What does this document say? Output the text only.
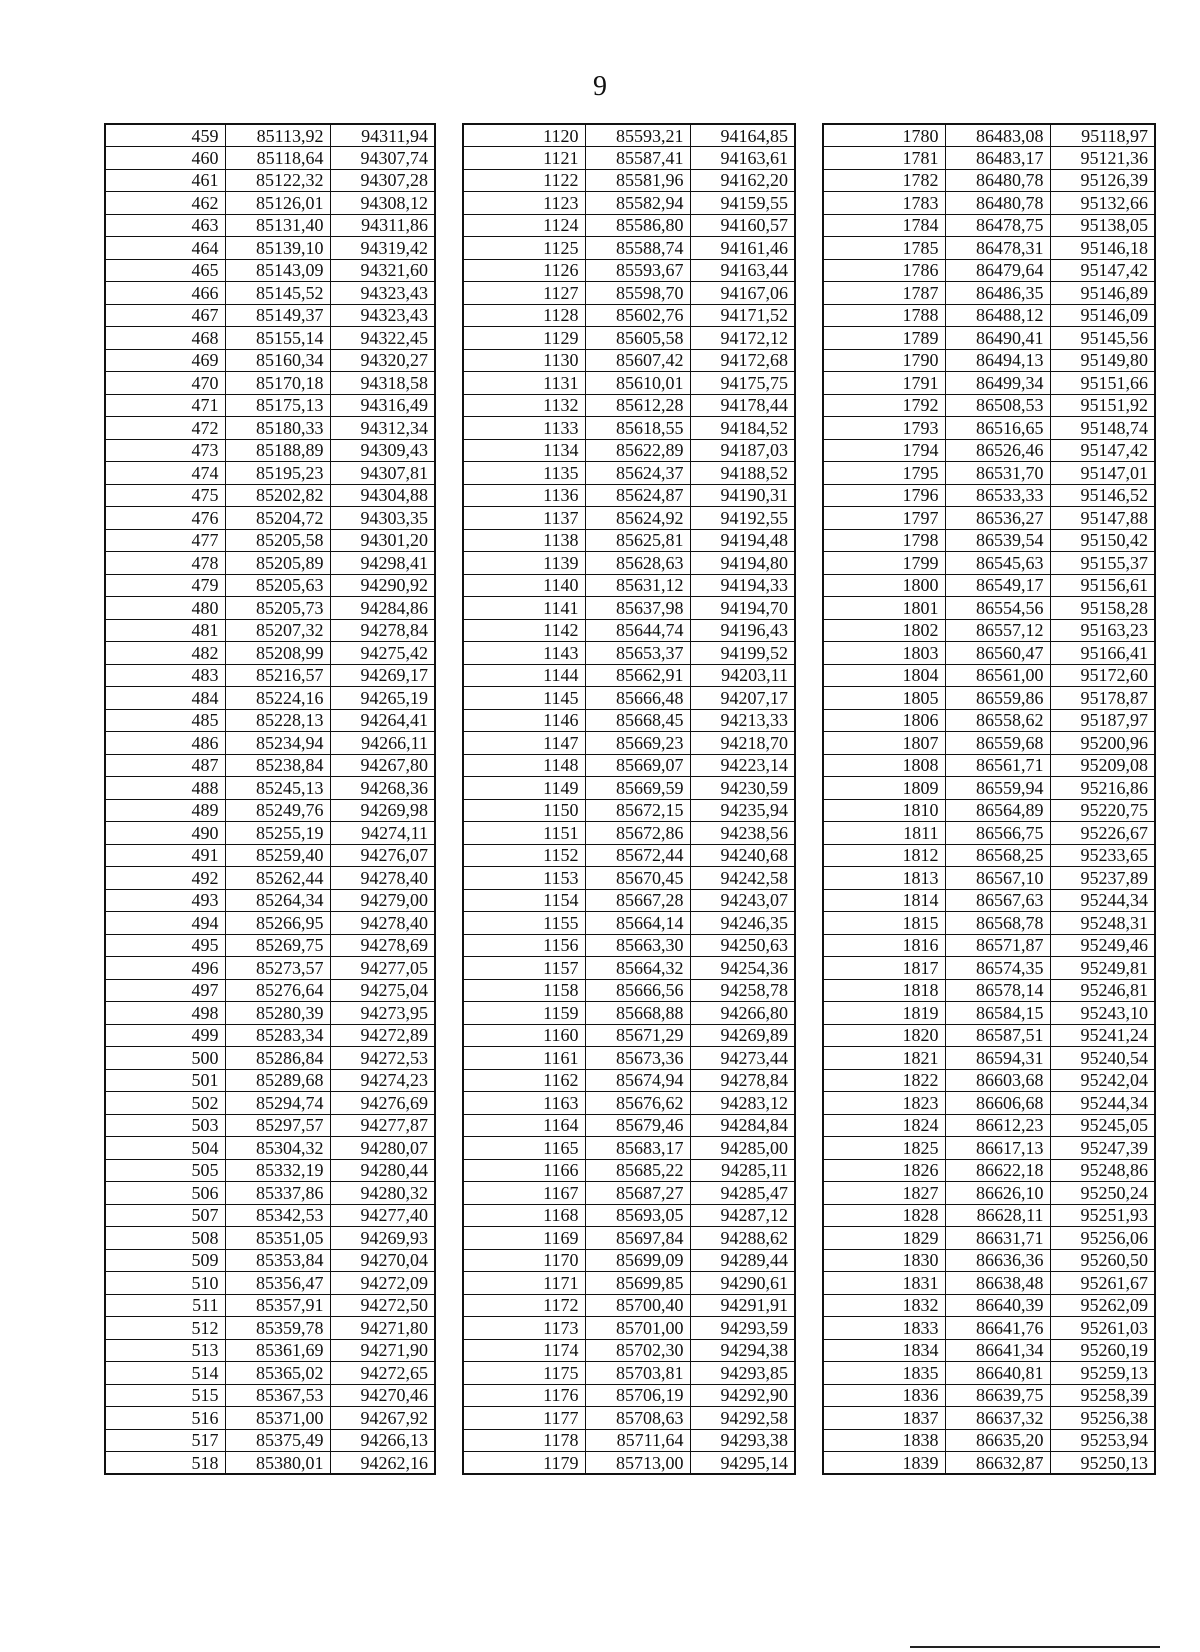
9
459	85113,92	94311,94
460	85118,64	94307,74
461	85122,32	94307,28
462	85126,01	94308,12
463	85131,40	94311,86
464	85139,10	94319,42
465	85143,09	94321,60
466	85145,52	94323,43
467	85149,37	94323,43
468	85155,14	94322,45
469	85160,34	94320,27
470	85170,18	94318,58
471	85175,13	94316,49
472	85180,33	94312,34
473	85188,89	94309,43
474	85195,23	94307,81
475	85202,82	94304,88
476	85204,72	94303,35
477	85205,58	94301,20
478	85205,89	94298,41
479	85205,63	94290,92
480	85205,73	94284,86
481	85207,32	94278,84
482	85208,99	94275,42
483	85216,57	94269,17
484	85224,16	94265,19
485	85228,13	94264,41
486	85234,94	94266,11
487	85238,84	94267,80
488	85245,13	94268,36
489	85249,76	94269,98
490	85255,19	94274,11
491	85259,40	94276,07
492	85262,44	94278,40
493	85264,34	94279,00
494	85266,95	94278,40
495	85269,75	94278,69
496	85273,57	94277,05
497	85276,64	94275,04
498	85280,39	94273,95
499	85283,34	94272,89
500	85286,84	94272,53
501	85289,68	94274,23
502	85294,74	94276,69
503	85297,57	94277,87
504	85304,32	94280,07
505	85332,19	94280,44
506	85337,86	94280,32
507	85342,53	94277,40
508	85351,05	94269,93
509	85353,84	94270,04
510	85356,47	94272,09
511	85357,91	94272,50
512	85359,78	94271,80
513	85361,69	94271,90
514	85365,02	94272,65
515	85367,53	94270,46
516	85371,00	94267,92
517	85375,49	94266,13
518	85380,01	94262,16
1120	85593,21	94164,85
1121	85587,41	94163,61
1122	85581,96	94162,20
1123	85582,94	94159,55
1124	85586,80	94160,57
1125	85588,74	94161,46
1126	85593,67	94163,44
1127	85598,70	94167,06
1128	85602,76	94171,52
1129	85605,58	94172,12
1130	85607,42	94172,68
1131	85610,01	94175,75
1132	85612,28	94178,44
1133	85618,55	94184,52
1134	85622,89	94187,03
1135	85624,37	94188,52
1136	85624,87	94190,31
1137	85624,92	94192,55
1138	85625,81	94194,48
1139	85628,63	94194,80
1140	85631,12	94194,33
1141	85637,98	94194,70
1142	85644,74	94196,43
1143	85653,37	94199,52
1144	85662,91	94203,11
1145	85666,48	94207,17
1146	85668,45	94213,33
1147	85669,23	94218,70
1148	85669,07	94223,14
1149	85669,59	94230,59
1150	85672,15	94235,94
1151	85672,86	94238,56
1152	85672,44	94240,68
1153	85670,45	94242,58
1154	85667,28	94243,07
1155	85664,14	94246,35
1156	85663,30	94250,63
1157	85664,32	94254,36
1158	85666,56	94258,78
1159	85668,88	94266,80
1160	85671,29	94269,89
1161	85673,36	94273,44
1162	85674,94	94278,84
1163	85676,62	94283,12
1164	85679,46	94284,84
1165	85683,17	94285,00
1166	85685,22	94285,11
1167	85687,27	94285,47
1168	85693,05	94287,12
1169	85697,84	94288,62
1170	85699,09	94289,44
1171	85699,85	94290,61
1172	85700,40	94291,91
1173	85701,00	94293,59
1174	85702,30	94294,38
1175	85703,81	94293,85
1176	85706,19	94292,90
1177	85708,63	94292,58
1178	85711,64	94293,38
1179	85713,00	94295,14
1780	86483,08	95118,97
1781	86483,17	95121,36
1782	86480,78	95126,39
1783	86480,78	95132,66
1784	86478,75	95138,05
1785	86478,31	95146,18
1786	86479,64	95147,42
1787	86486,35	95146,89
1788	86488,12	95146,09
1789	86490,41	95145,56
1790	86494,13	95149,80
1791	86499,34	95151,66
1792	86508,53	95151,92
1793	86516,65	95148,74
1794	86526,46	95147,42
1795	86531,70	95147,01
1796	86533,33	95146,52
1797	86536,27	95147,88
1798	86539,54	95150,42
1799	86545,63	95155,37
1800	86549,17	95156,61
1801	86554,56	95158,28
1802	86557,12	95163,23
1803	86560,47	95166,41
1804	86561,00	95172,60
1805	86559,86	95178,87
1806	86558,62	95187,97
1807	86559,68	95200,96
1808	86561,71	95209,08
1809	86559,94	95216,86
1810	86564,89	95220,75
1811	86566,75	95226,67
1812	86568,25	95233,65
1813	86567,10	95237,89
1814	86567,63	95244,34
1815	86568,78	95248,31
1816	86571,87	95249,46
1817	86574,35	95249,81
1818	86578,14	95246,81
1819	86584,15	95243,10
1820	86587,51	95241,24
1821	86594,31	95240,54
1822	86603,68	95242,04
1823	86606,68	95244,34
1824	86612,23	95245,05
1825	86617,13	95247,39
1826	86622,18	95248,86
1827	86626,10	95250,24
1828	86628,11	95251,93
1829	86631,71	95256,06
1830	86636,36	95260,50
1831	86638,48	95261,67
1832	86640,39	95262,09
1833	86641,76	95261,03
1834	86641,34	95260,19
1835	86640,81	95259,13
1836	86639,75	95258,39
1837	86637,32	95256,38
1838	86635,20	95253,94
1839	86632,87	95250,13
